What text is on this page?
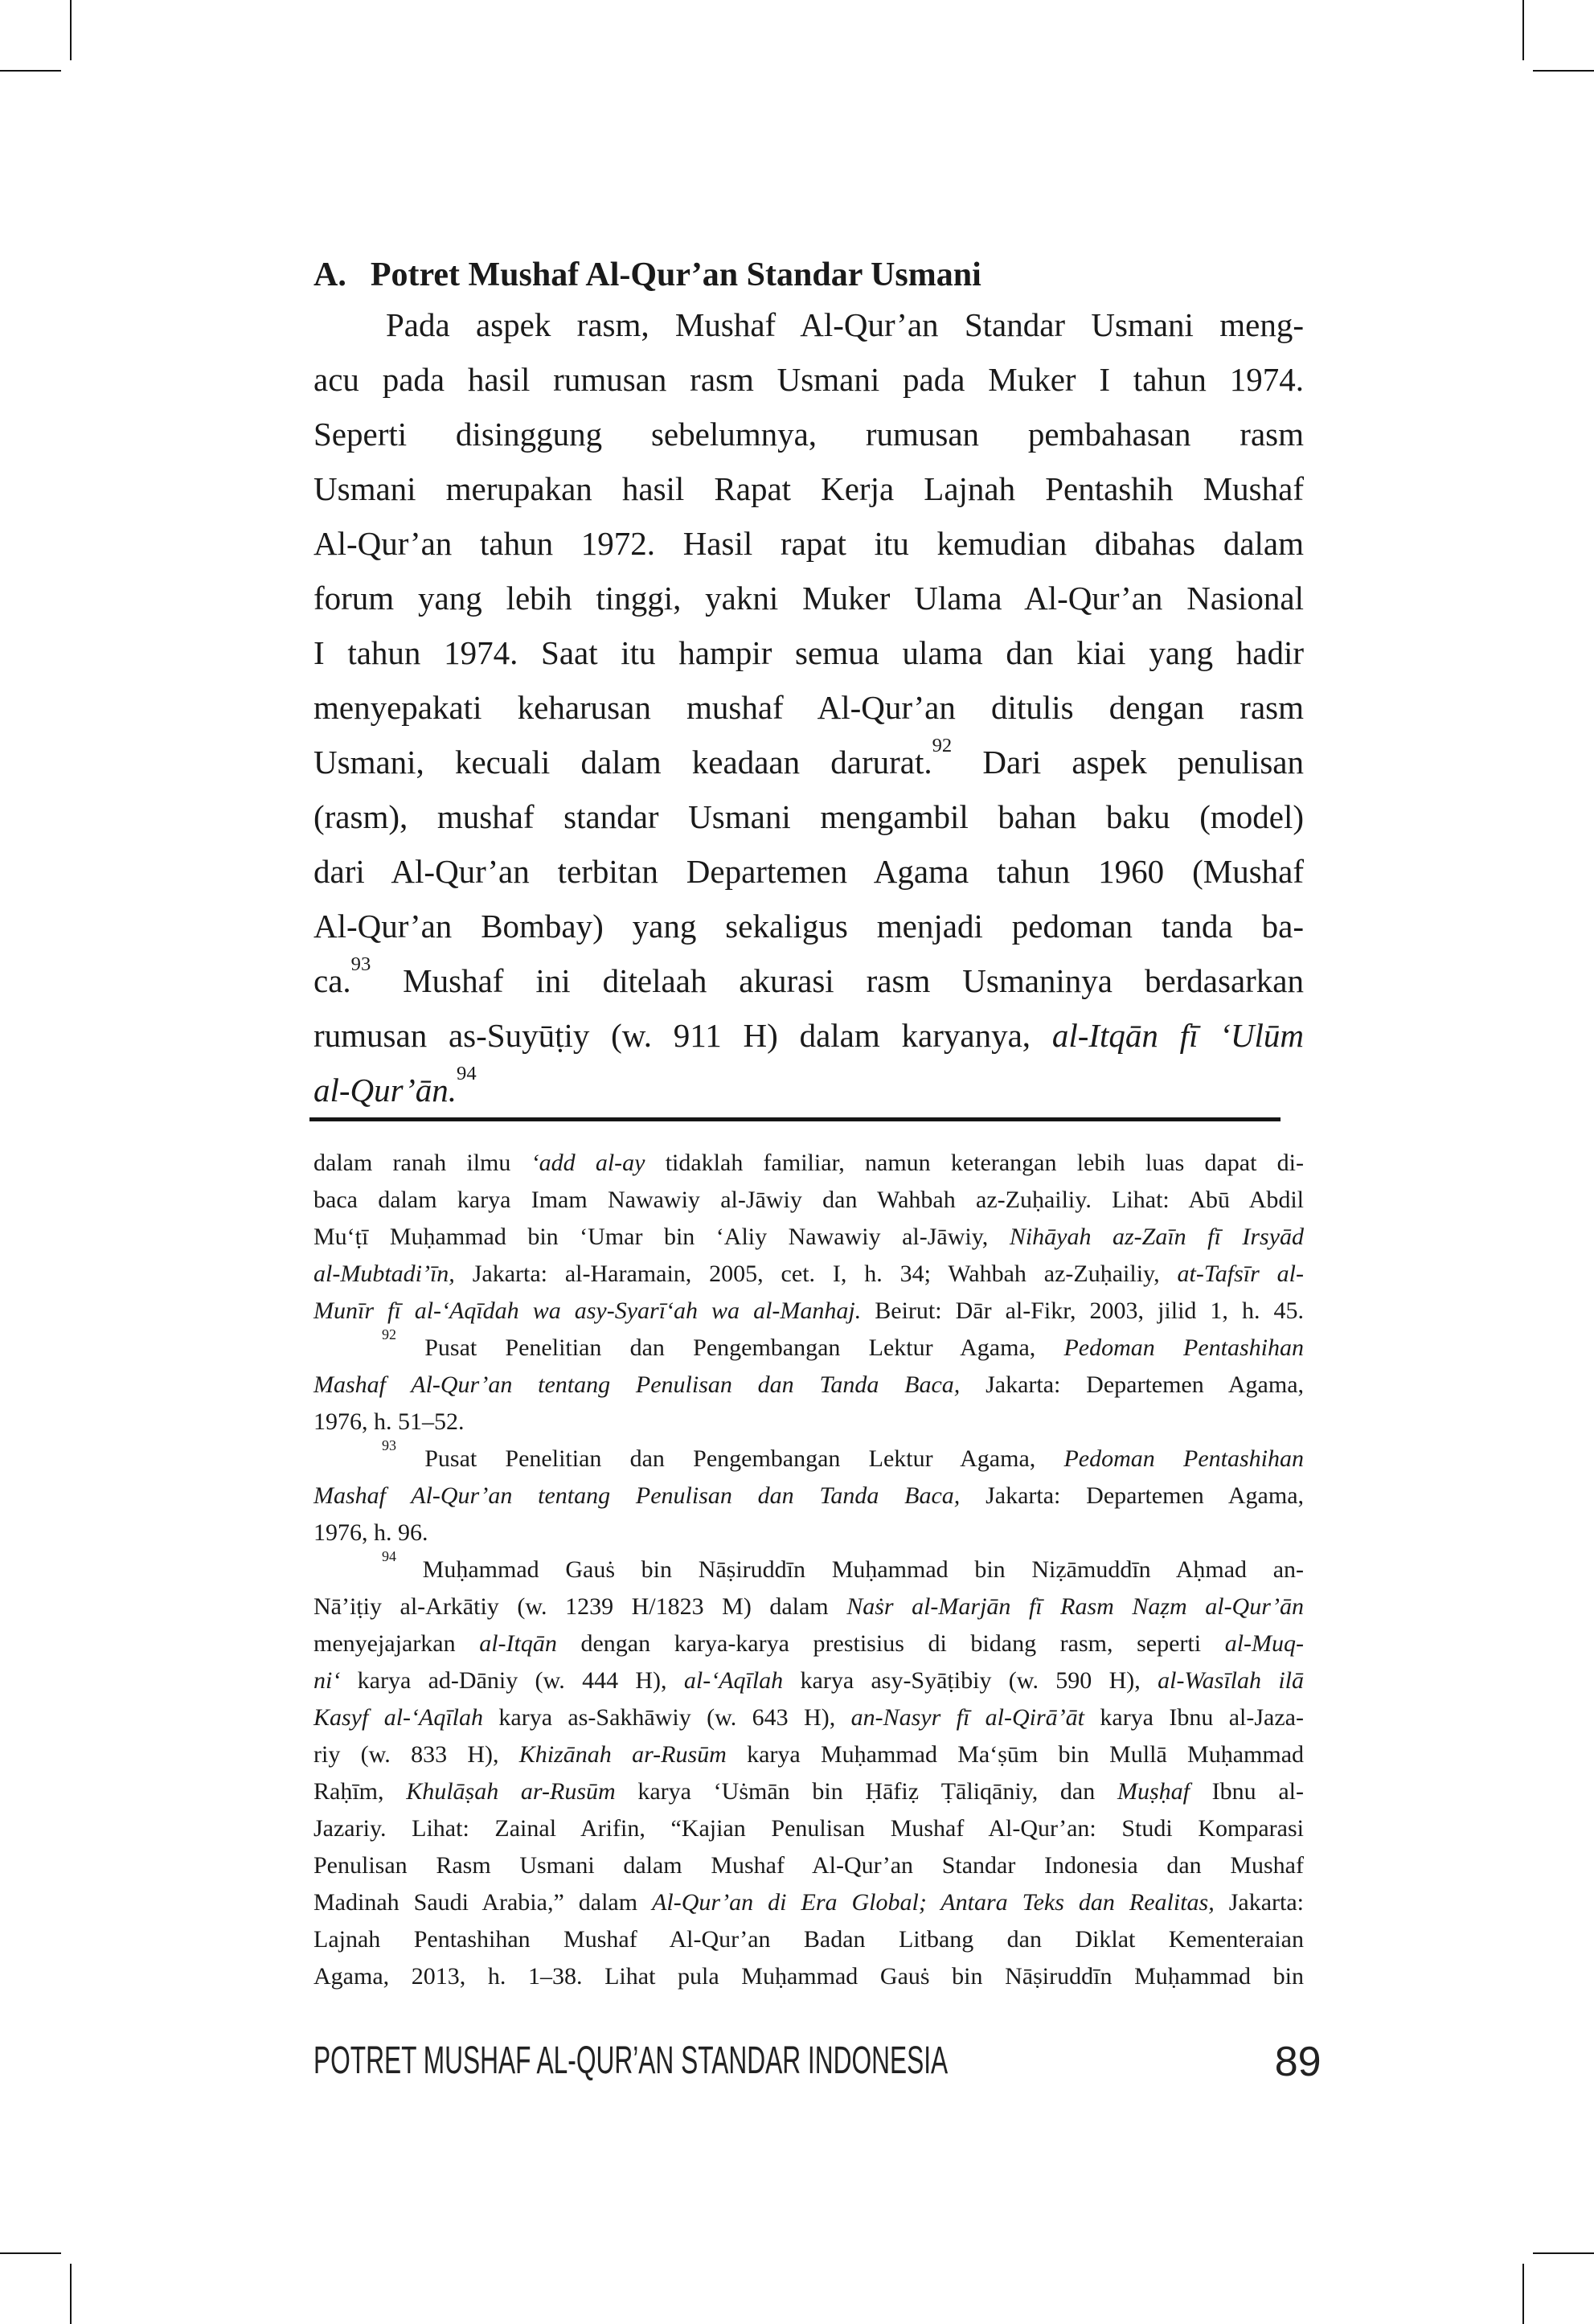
A. Potret Mushaf Al-Qur’an Standar Usmani
Pada aspek rasm, Mushaf Al-Qur’an Standar Usmani meng-
acu pada hasil rumusan rasm Usmani pada Muker I tahun 1974.
Seperti disinggung sebelumnya, rumusan pembahasan rasm
Usmani merupakan hasil Rapat Kerja Lajnah Pentashih Mushaf
Al-Qur’an tahun 1972. Hasil rapat itu kemudian dibahas dalam
forum yang lebih tinggi, yakni Muker Ulama Al-Qur’an Nasional
I tahun 1974. Saat itu hampir semua ulama dan kiai yang hadir
menyepakati keharusan mushaf Al-Qur’an ditulis dengan rasm
Usmani, kecuali dalam keadaan darurat.$^{92}$ Dari aspek penulisan
(rasm), mushaf standar Usmani mengambil bahan baku (model)
dari Al-Qur’an terbitan Departemen Agama tahun 1960 (Mushaf
Al-Qur’an Bombay) yang sekaligus menjadi pedoman tanda ba-
ca.$^{93}$ Mushaf ini ditelaah akurasi rasm Usmaninya berdasarkan
rumusan as-Suyūṭiy (w. 911 H) dalam karyanya, al-Itqān fī ‘Ulūm
al-Qur’ān.$^{94}$
dalam ranah ilmu ‘add al-ay tidaklah familiar, namun keterangan lebih luas dapat di-
baca dalam karya Imam Nawawiy al-Jāwiy dan Wahbah az-Zuḥailiy. Lihat: Abū Abdil
Mu‘ṭī Muḥammad bin ‘Umar bin ‘Aliy Nawawiy al-Jāwiy, Nihāyah az-Zaīn fī Irsyād
al-Mubtadi’īn, Jakarta: al-Haramain, 2005, cet. I, h. 34; Wahbah az-Zuḥailiy, at-Tafsīr al-
Munīr fī al-‘Aqīdah wa asy-Syarī‘ah wa al-Manhaj. Beirut: Dār al-Fikr, 2003, jilid 1, h. 45.
$^{92}$ Pusat Penelitian dan Pengembangan Lektur Agama, Pedoman Pentashihan
Mashaf Al-Qur’an tentang Penulisan dan Tanda Baca, Jakarta: Departemen Agama,
1976, h. 51–52.
$^{93}$ Pusat Penelitian dan Pengembangan Lektur Agama, Pedoman Pentashihan
Mashaf Al-Qur’an tentang Penulisan dan Tanda Baca, Jakarta: Departemen Agama,
1976, h. 96.
$^{94}$ Muḥammad Gauṡ bin Nāṣiruddīn Muḥammad bin Niẓāmuddīn Aḥmad an-
Nā’iṭiy al-Arkātiy (w. 1239 H/1823 M) dalam Naṡr al-Marjān fī Rasm Naẓm al-Qur’ān
menyejajarkan al-Itqān dengan karya-karya prestisius di bidang rasm, seperti al-Muq-
ni‘ karya ad-Dāniy (w. 444 H), al-‘Aqīlah karya asy-Syāṭibiy (w. 590 H), al-Wasīlah ilā
Kasyf al-‘Aqīlah karya as-Sakhāwiy (w. 643 H), an-Nasyr fī al-Qirā’āt karya Ibnu al-Jaza-
riy (w. 833 H), Khizānah ar-Rusūm karya Muḥammad Ma‘ṣūm bin Mullā Muḥammad
Raḥīm, Khulāṣah ar-Rusūm karya ‘Uṡmān bin Ḥāfiẓ Ṭāliqāniy, dan Muṣḥaf Ibnu al-
Jazariy. Lihat: Zainal Arifin, “Kajian Penulisan Mushaf Al-Qur’an: Studi Komparasi
Penulisan Rasm Usmani dalam Mushaf Al-Qur’an Standar Indonesia dan Mushaf
Madinah Saudi Arabia,” dalam Al-Qur’an di Era Global; Antara Teks dan Realitas, Jakarta:
Lajnah Pentashihan Mushaf Al-Qur’an Badan Litbang dan Diklat Kementeraian
Agama, 2013, h. 1–38. Lihat pula Muḥammad Gauṡ bin Nāṣiruddīn Muḥammad bin
POTRET MUSHAF AL-QUR’AN STANDAR INDONESIA	89
